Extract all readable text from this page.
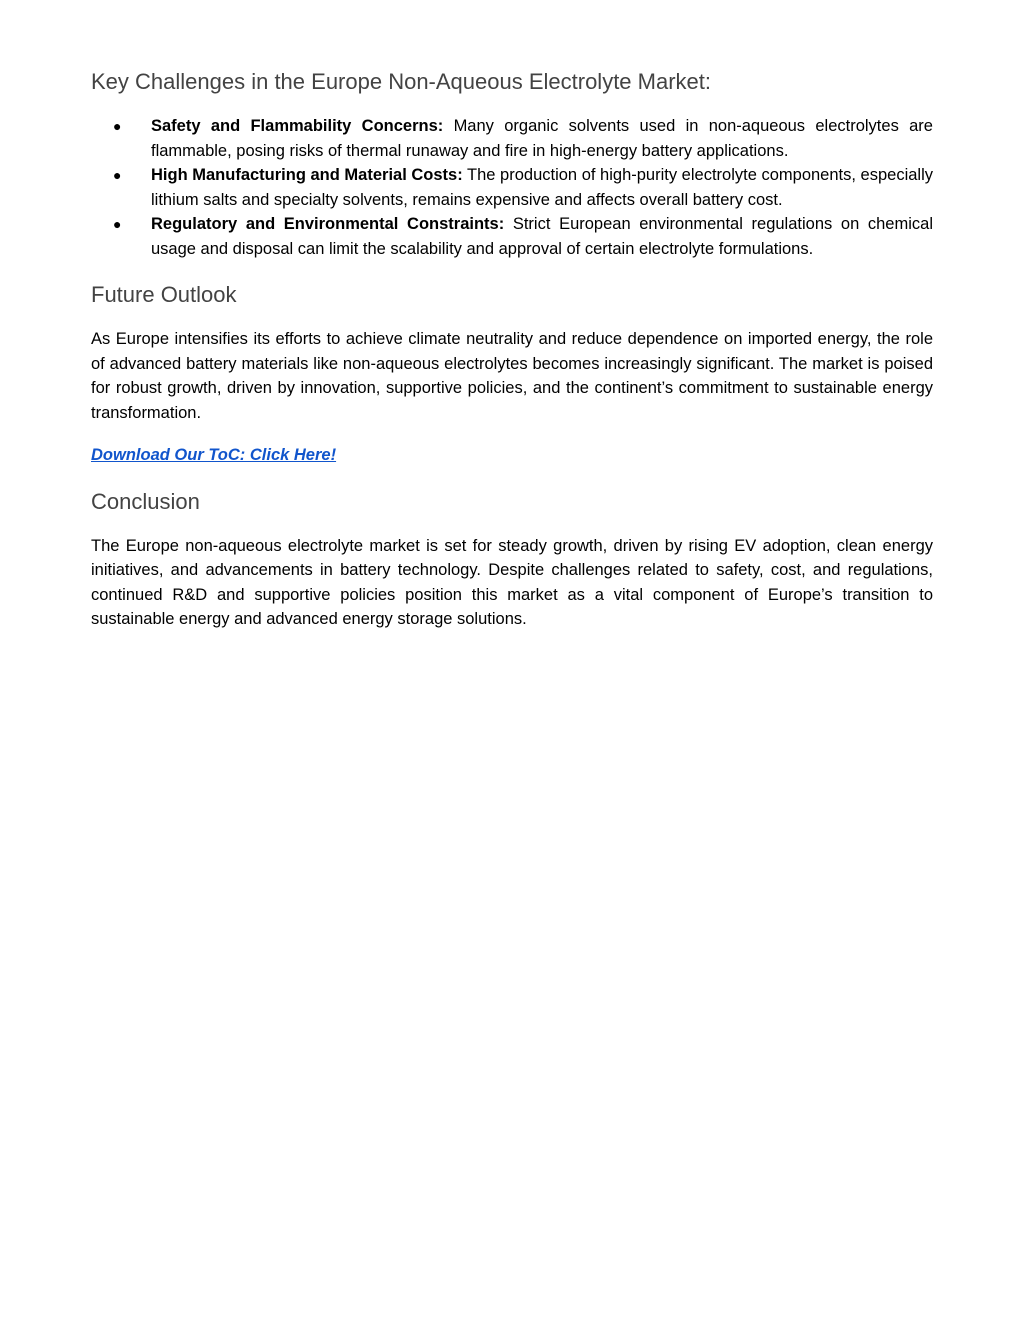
Key Challenges in the Europe Non-Aqueous Electrolyte Market:
● Safety and Flammability Concerns: Many organic solvents used in non-aqueous electrolytes are flammable, posing risks of thermal runaway and fire in high-energy battery applications.
● High Manufacturing and Material Costs: The production of high-purity electrolyte components, especially lithium salts and specialty solvents, remains expensive and affects overall battery cost.
● Regulatory and Environmental Constraints: Strict European environmental regulations on chemical usage and disposal can limit the scalability and approval of certain electrolyte formulations.
Future Outlook

As Europe intensifies its efforts to achieve climate neutrality and reduce dependence on imported energy, the role of advanced battery materials like non-aqueous electrolytes becomes increasingly significant. The market is poised for robust growth, driven by innovation, supportive policies, and the continent’s commitment to sustainable energy transformation.

Download Our ToC: Click Here!

Conclusion

The Europe non-aqueous electrolyte market is set for steady growth, driven by rising EV adoption, clean energy initiatives, and advancements in battery technology. Despite challenges related to safety, cost, and regulations, continued R&D and supportive policies position this market as a vital component of Europe’s transition to sustainable energy and advanced energy storage solutions.
